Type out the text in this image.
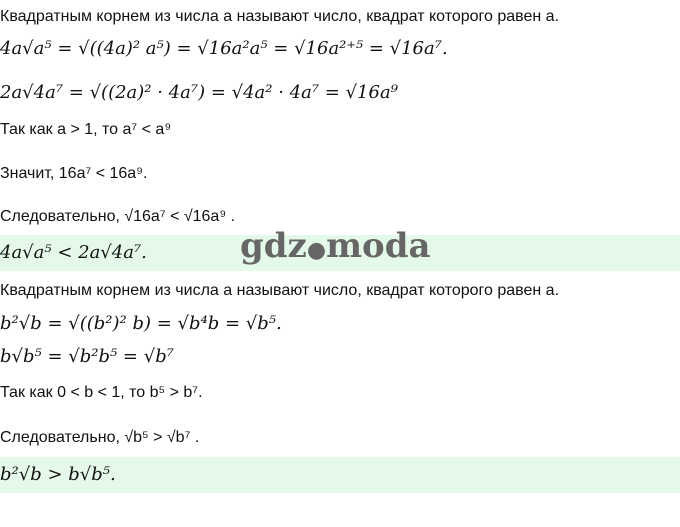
Квадратным корнем из числа a называют число, квадрат которого равен a.
4a√a⁵ = √((4a)² a⁵) = √16a²a⁵ = √16a²⁺⁵ = √16a⁷.
2a√4a⁷ = √((2a)² · 4a⁷) = √4a² · 4a⁷ = √16a⁹
Так как a > 1, то a⁷ < a⁹
Значит, 16a⁷ < 16a⁹.
Следовательно, √16a⁷ < √16a⁹ .
4a√a⁵ < 2a√4a⁷.	gdz●moda
Квадратным корнем из числа a называют число, квадрат которого равен a.
b²√b = √((b²)² b) = √b⁴b = √b⁵.
b√b⁵ = √b²b⁵ = √b⁷
Так как 0 < b < 1, то b⁵ > b⁷.
Следовательно, √b⁵ > √b⁷ .
b²√b > b√b⁵.
